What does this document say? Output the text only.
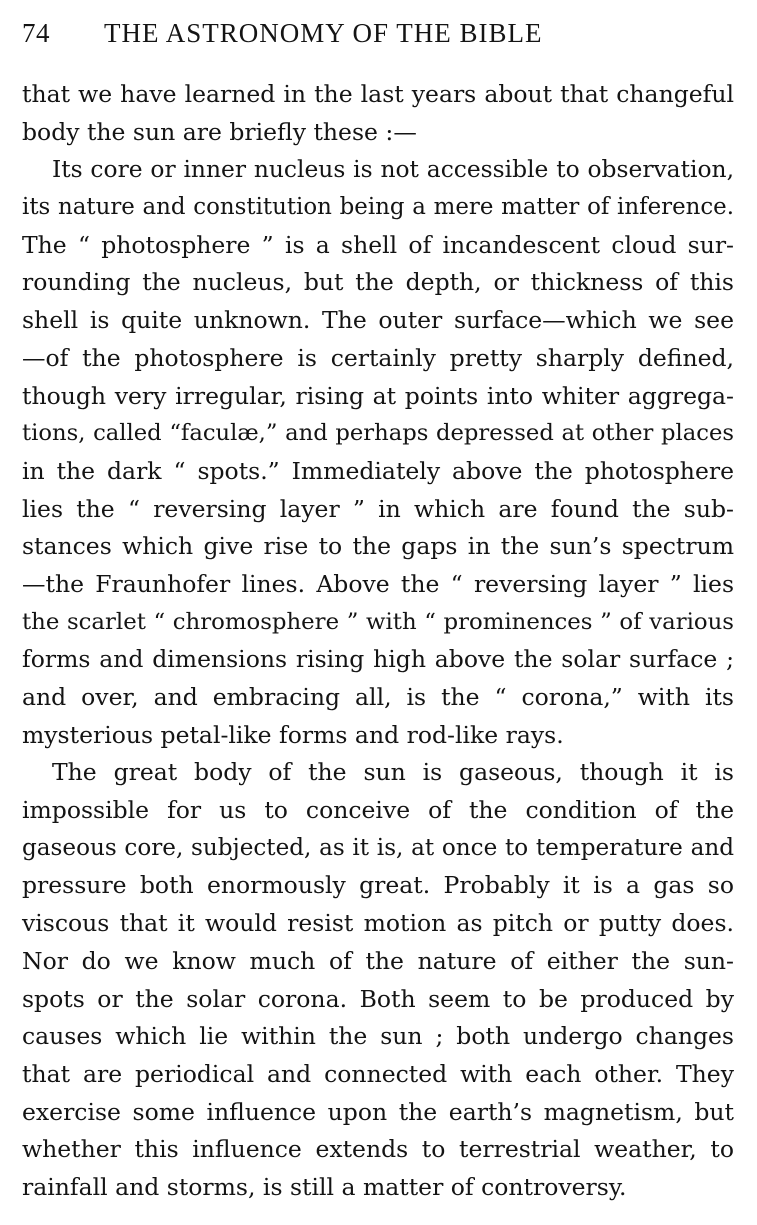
74 THE ASTRONOMY OF THE BIBLE
that we have learned in the last years about that changeful
body the sun are briefly these :—
Its core or inner nucleus is not accessible to observation,
its nature and constitution being a mere matter of inference.
The “ photosphere ” is a shell of incandescent cloud sur-
rounding the nucleus, but the depth, or thickness of this
shell is quite unknown. The outer surface—which we see
—of the photosphere is certainly pretty sharply defined,
though very irregular, rising at points into whiter aggrega-
tions, called “faculæ,” and perhaps depressed at other places
in the dark “ spots.” Immediately above the photosphere
lies the “ reversing layer ” in which are found the sub-
stances which give rise to the gaps in the sun’s spectrum
—the Fraunhofer lines. Above the “ reversing layer ” lies
the scarlet “ chromosphere ” with “ prominences ” of various
forms and dimensions rising high above the solar surface ;
and over, and embracing all, is the “ corona,” with its
mysterious petal-like forms and rod-like rays.
The great body of the sun is gaseous, though it is
impossible for us to conceive of the condition of the
gaseous core, subjected, as it is, at once to temperature and
pressure both enormously great. Probably it is a gas so
viscous that it would resist motion as pitch or putty does.
Nor do we know much of the nature of either the sun-
spots or the solar corona. Both seem to be produced by
causes which lie within the sun ; both undergo changes
that are periodical and connected with each other. They
exercise some influence upon the earth’s magnetism, but
whether this influence extends to terrestrial weather, to
rainfall and storms, is still a matter of controversy.
